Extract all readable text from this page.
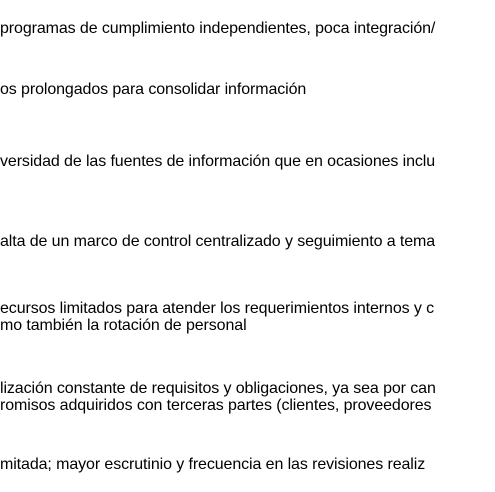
programas de cumplimiento independientes, poca integración/

os prolongados para consolidar información

versidad de las fuentes de información que en ocasiones inclu

alta de un marco de control centralizado y seguimiento a tema

ecursos limitados para atender los requerimientos internos y c

mo también la rotación de personal

lización constante de requisitos y obligaciones, ya sea por can

romisos adquiridos con terceras partes (clientes, proveedores

mitada; mayor escrutinio y frecuencia en las revisiones realiz
